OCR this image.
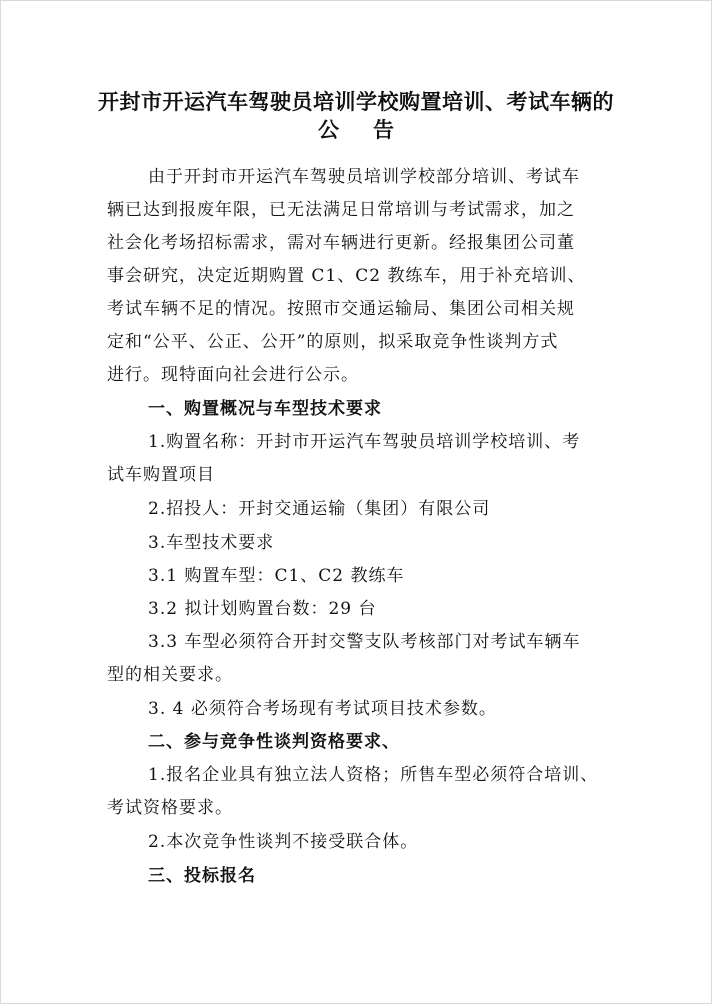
开封市开运汽车驾驶员培训学校购置培训、考试车辆的
公告
由于开封市开运汽车驾驶员培训学校部分培训、考试车
辆已达到报废年限，已无法满足日常培训与考试需求，加之
社会化考场招标需求，需对车辆进行更新。经报集团公司董
事会研究，决定近期购置 C1、C2 教练车，用于补充培训、
考试车辆不足的情况。按照市交通运输局、集团公司相关规
定和“公平、公正、公开”的原则，拟采取竞争性谈判方式
进行。现特面向社会进行公示。
一、购置概况与车型技术要求
1.购置名称：开封市开运汽车驾驶员培训学校培训、考
试车购置项目
2.招投人：开封交通运输（集团）有限公司
3.车型技术要求
3.1 购置车型：C1、C2 教练车
3.2 拟计划购置台数：29 台
3.3 车型必须符合开封交警支队考核部门对考试车辆车
型的相关要求。
3. 4 必须符合考场现有考试项目技术参数。
二、参与竞争性谈判资格要求、
1.报名企业具有独立法人资格；所售车型必须符合培训、
考试资格要求。
2.本次竞争性谈判不接受联合体。
三、投标报名
